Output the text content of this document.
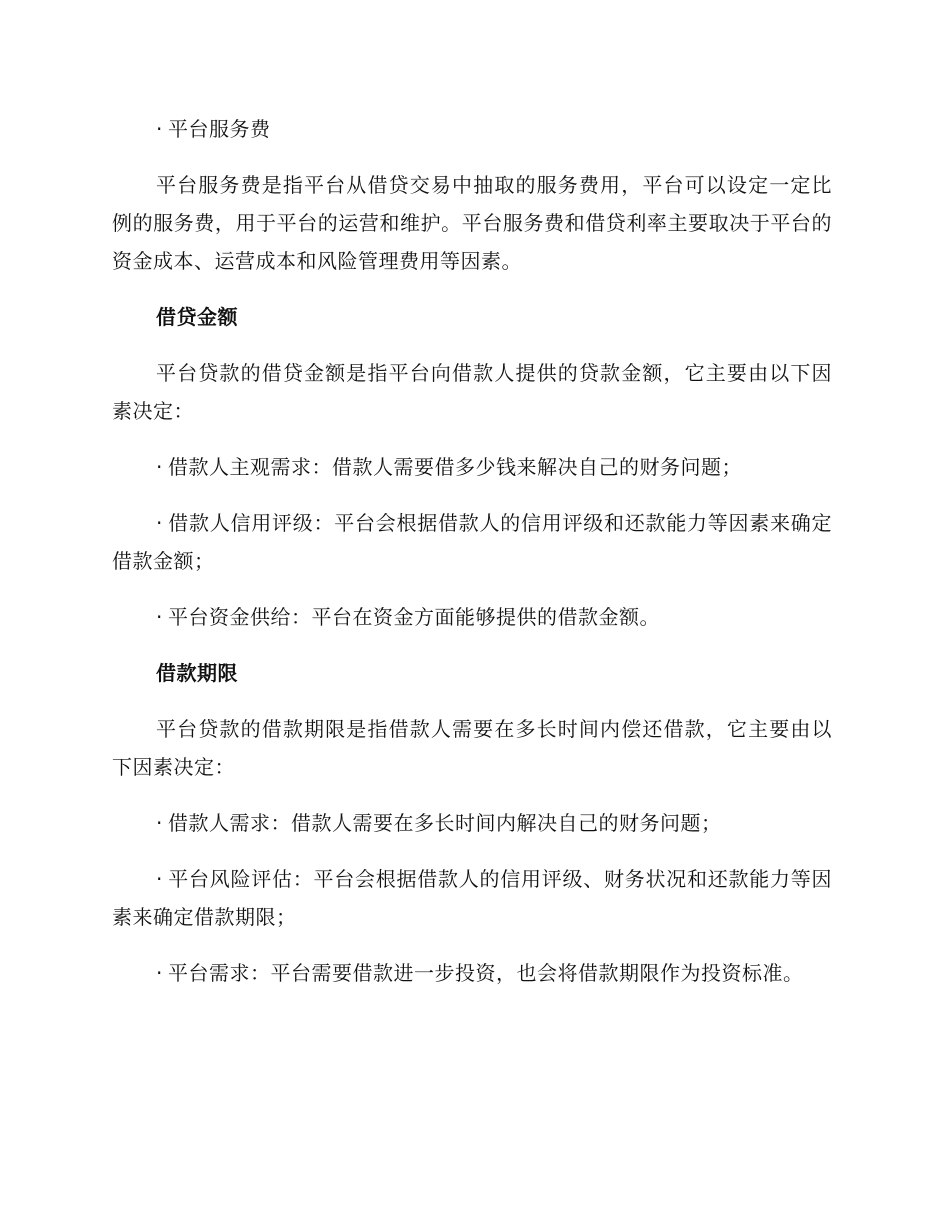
· 平台服务费

平台服务费是指平台从借贷交易中抽取的服务费用，平台可以设定一定比例的服务费，用于平台的运营和维护。平台服务费和借贷利率主要取决于平台的资金成本、运营成本和风险管理费用等因素。

借贷金额

平台贷款的借贷金额是指平台向借款人提供的贷款金额，它主要由以下因素决定：

· 借款人主观需求：借款人需要借多少钱来解决自己的财务问题；

· 借款人信用评级：平台会根据借款人的信用评级和还款能力等因素来确定借款金额；

· 平台资金供给：平台在资金方面能够提供的借款金额。

借款期限

平台贷款的借款期限是指借款人需要在多长时间内偿还借款，它主要由以下因素决定：

· 借款人需求：借款人需要在多长时间内解决自己的财务问题；

· 平台风险评估：平台会根据借款人的信用评级、财务状况和还款能力等因素来确定借款期限；

· 平台需求：平台需要借款进一步投资，也会将借款期限作为投资标准。
